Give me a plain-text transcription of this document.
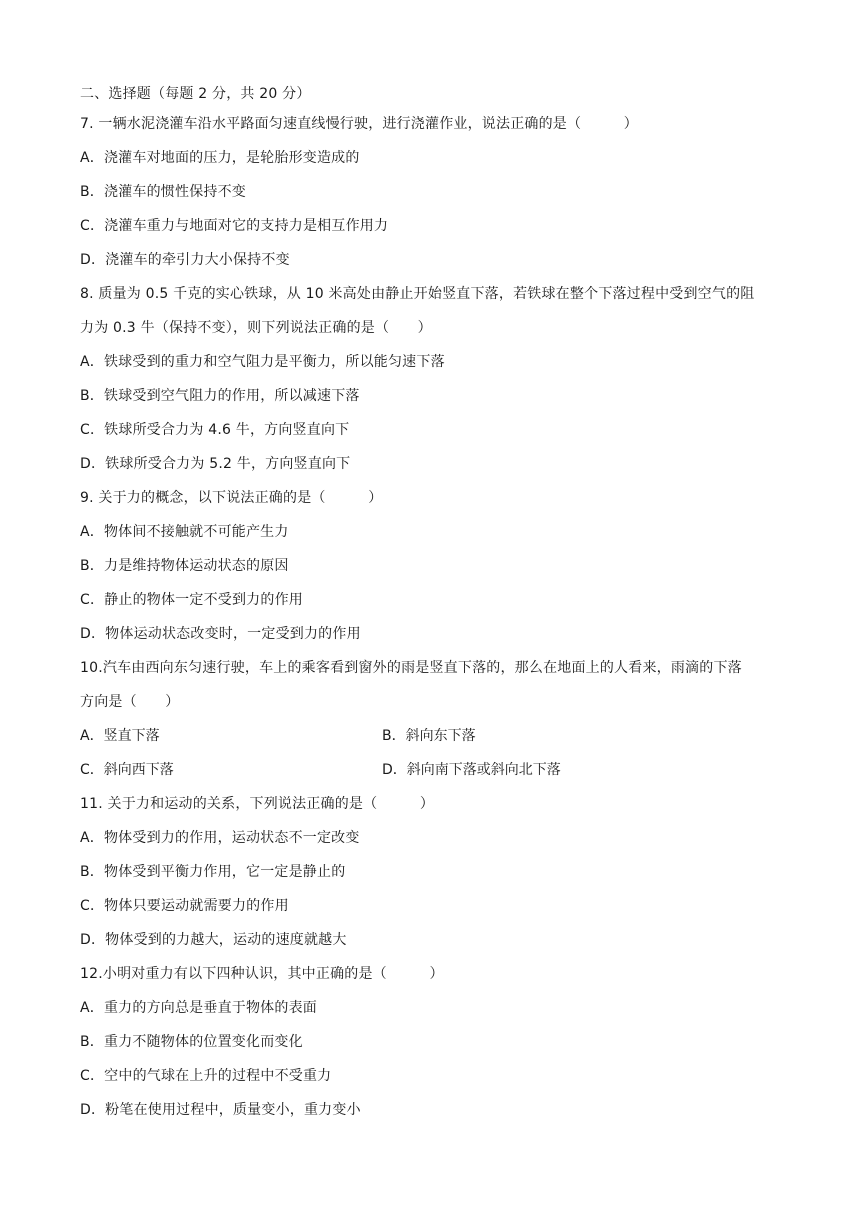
二、选择题（每题 2 分，共 20 分）
7. 一辆水泥浇灌车沿水平路面匀速直线慢行驶，进行浇灌作业，说法正确的是（　　　）
A．浇灌车对地面的压力，是轮胎形变造成的
B．浇灌车的惯性保持不变
C．浇灌车重力与地面对它的支持力是相互作用力
D．浇灌车的牵引力大小保持不变
8. 质量为 0.5 千克的实心铁球，从 10 米高处由静止开始竖直下落，若铁球在整个下落过程中受到空气的阻
力为 0.3 牛（保持不变），则下列说法正确的是（　　）
A．铁球受到的重力和空气阻力是平衡力，所以能匀速下落
B．铁球受到空气阻力的作用，所以减速下落
C．铁球所受合力为 4.6 牛，方向竖直向下
D．铁球所受合力为 5.2 牛，方向竖直向下
9. 关于力的概念，以下说法正确的是（　　　）
A．物体间不接触就不可能产生力
B．力是维持物体运动状态的原因
C．静止的物体一定不受到力的作用
D．物体运动状态改变时，一定受到力的作用
10.汽车由西向东匀速行驶，车上的乘客看到窗外的雨是竖直下落的，那么在地面上的人看来，雨滴的下落
方向是（　　）
A．竖直下落	B．斜向东下落
C．斜向西下落	D．斜向南下落或斜向北下落
11. 关于力和运动的关系，下列说法正确的是（　　　）
A．物体受到力的作用，运动状态不一定改变
B．物体受到平衡力作用，它一定是静止的
C．物体只要运动就需要力的作用
D．物体受到的力越大，运动的速度就越大
12.小明对重力有以下四种认识，其中正确的是（　　　）
A．重力的方向总是垂直于物体的表面
B．重力不随物体的位置变化而变化
C．空中的气球在上升的过程中不受重力
D．粉笔在使用过程中，质量变小，重力变小
